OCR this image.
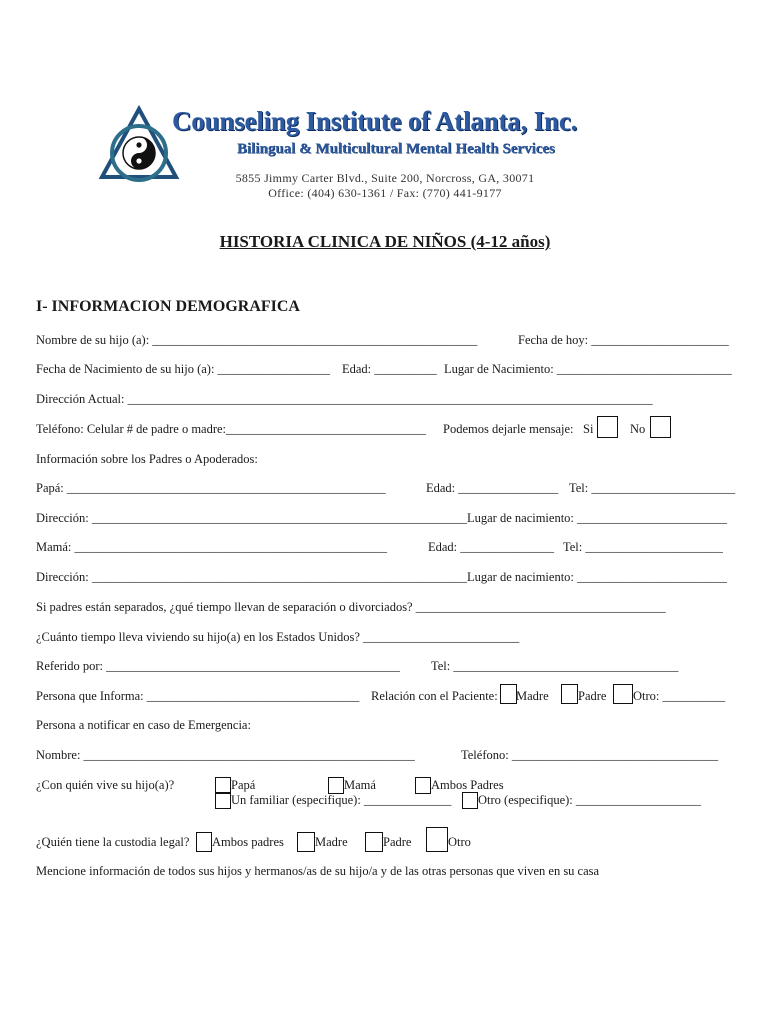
Counseling Institute of Atlanta, Inc.
Bilingual & Multicultural Mental Health Services
5855 Jimmy Carter Blvd., Suite 200, Norcross, GA, 30071
Office: (404) 630-1361 / Fax: (770) 441-9177
HISTORIA CLINICA DE NIÑOS (4-12 años)
I- INFORMACION DEMOGRAFICA
Nombre de su hijo (a): ____________________________________________________	Fecha de hoy: ______________________
Fecha de Nacimiento de su hijo (a): __________________ Edad: __________ Lugar de Nacimiento: ____________________________
Dirección Actual: ____________________________________________________________________________________
Teléfono: Celular # de padre o madre:________________________________ Podemos dejarle mensaje: Si	No
Información sobre los Padres o Apoderados:
Papá: ___________________________________________________	Edad: ________________ Tel: _______________________
Dirección: ____________________________________________________________ Lugar de nacimiento: ________________________
Mamá: __________________________________________________	Edad: _______________ Tel: ______________________
Dirección: ____________________________________________________________ Lugar de nacimiento: ________________________
Si padres están separados, ¿qué tiempo llevan de separación o divorciados? ________________________________________
¿Cuánto tiempo lleva viviendo su hijo(a) en los Estados Unidos? _________________________
Referido por: _______________________________________________ Tel: ____________________________________
Persona que Informa: __________________________________ Relación con el Paciente: Madre Padre Otro: __________
Persona a notificar en caso de Emergencia:
Nombre: _____________________________________________________	Teléfono: _________________________________
¿Con quién vive su hijo(a)?	Papá	Mamá	Ambos Padres
Un familiar (especifique): ______________ Otro (especifique): ____________________
¿Quién tiene la custodia legal? Ambos padres Madre	Padre	Otro
Mencione información de todos sus hijos y hermanos/as de su hijo/a y de las otras personas que viven en su casa
